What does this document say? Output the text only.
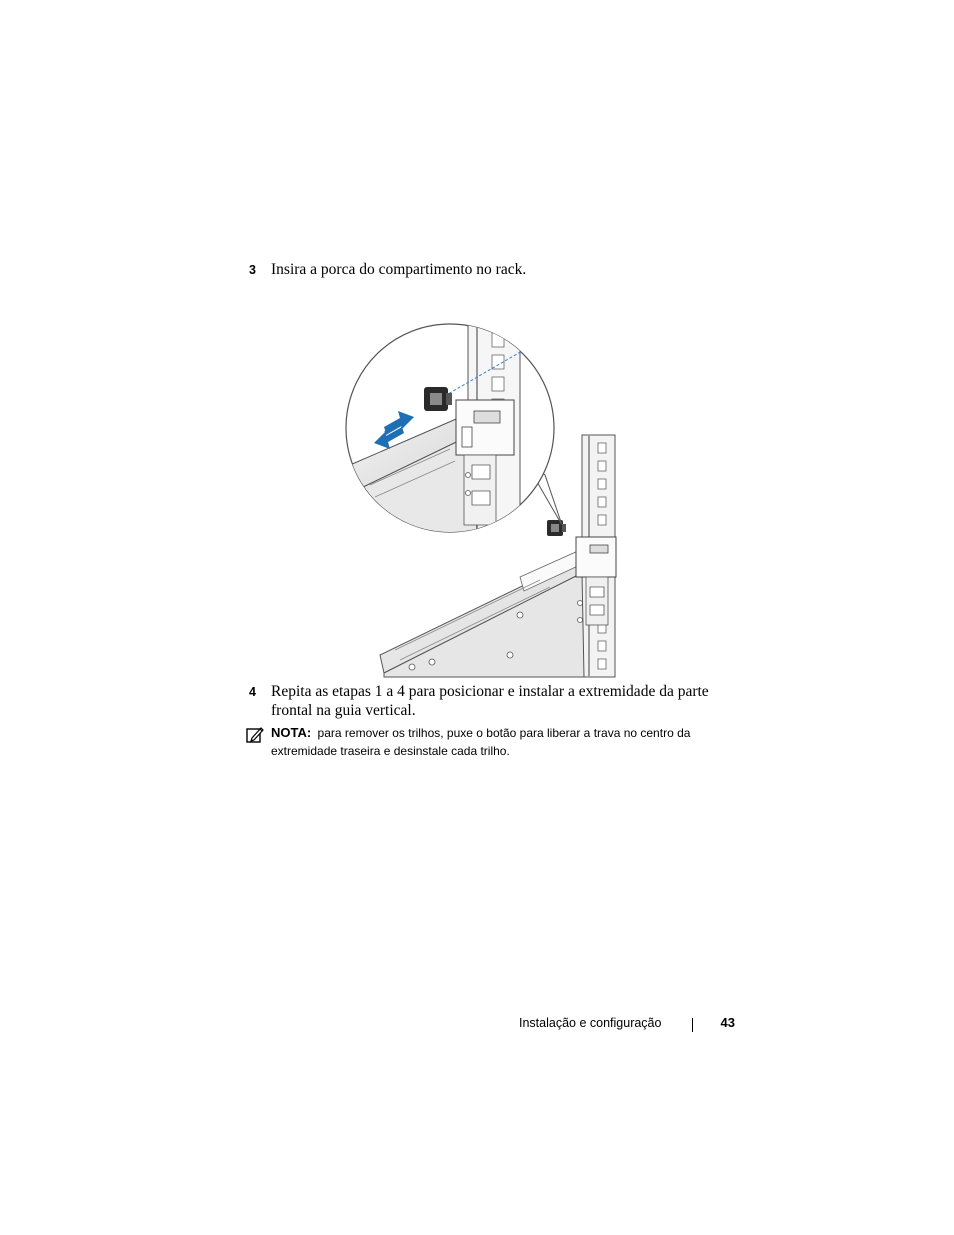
3 Insira a porca do compartimento no rack.
4 Repita as etapas 1 a 4 para posicionar e instalar a extremidade da parte frontal na guia vertical.
NOTA: para remover os trilhos, puxe o botão para liberar a trava no centro da extremidade traseira e desinstale cada trilho.
Instalação e configuração	43
